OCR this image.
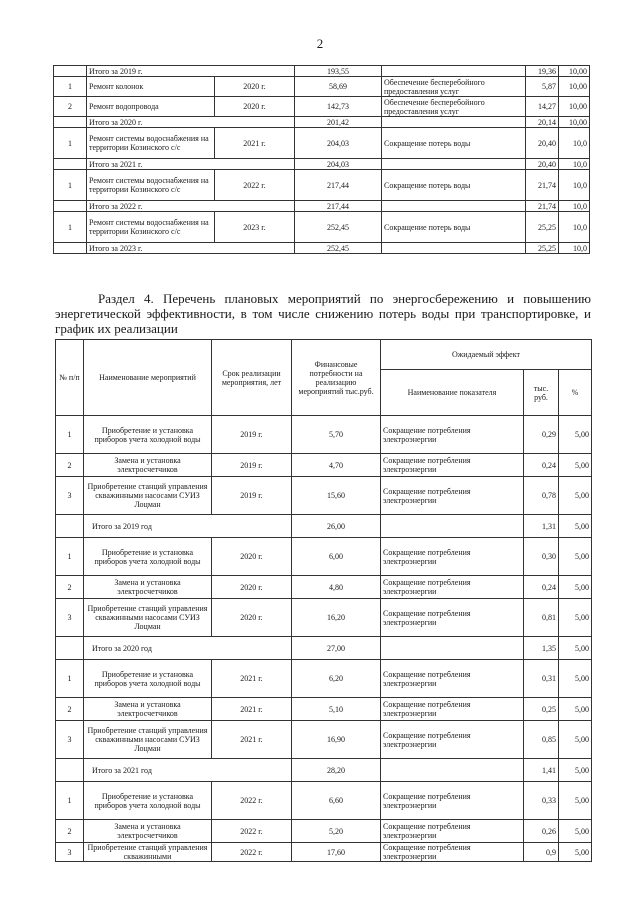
2
	Итого за 2019 г.		193,55		19,36	10,00
1	Ремонт колонок	2020 г.	58,69	Обеспечение бесперебойного предоставления услуг	5,87	10,00
2	Ремонт водопровода	2020 г.	142,73	Обеспечение бесперебойного предоставления услуг	14,27	10,00
	Итого за 2020 г.		201,42		20,14	10,00
1	Ремонт системы водоснабжения на территории Козинского с/с	2021 г.	204,03	Сокращение потерь воды	20,40	10,0
	Итого за 2021 г.		204,03		20,40	10,0
1	Ремонт системы водоснабжения на территории Козинского с/с	2022 г.	217,44	Сокращение потерь воды	21,74	10,0
	Итого за 2022 г.		217,44		21,74	10,0
1	Ремонт системы водоснабжения на территории Козинского с/с	2023 г.	252,45	Сокращение потерь воды	25,25	10,0
	Итого за 2023 г.		252,45		25,25	10,0
Раздел 4. Перечень плановых мероприятий по энергосбережению и повышению энергетической эффективности, в том числе снижению потерь воды при транспортировке, и график их реализации
№ п/п	Наименование мероприятий	Срок реализации мероприятия, лет	Финансовые потребности на реализацию мероприятий тыс.руб.	Ожидаемый эффект		
				Наименование показателя	тыс. руб.	%
1	Приобретение и установка приборов учета холодной воды	2019 г.	5,70	Сокращение потребления электроэнергии	0,29	5,00
2	Замена и установка электросчетчиков	2019 г.	4,70	Сокращение потребления электроэнергии	0,24	5,00
3	Приобретение станций управления скважинными насосами СУИЗ Лоцман	2019 г.	15,60	Сокращение потребления электроэнергии	0,78	5,00
	Итого за 2019 год		26,00		1,31	5,00
1	Приобретение и установка приборов учета холодной воды	2020 г.	6,00	Сокращение потребления электроэнергии	0,30	5,00
2	Замена и установка электросчетчиков	2020 г.	4,80	Сокращение потребления электроэнергии	0,24	5,00
3	Приобретение станций управления скважинными насосами СУИЗ Лоцман	2020 г.	16,20	Сокращение потребления электроэнергии	0,81	5,00
	Итого за 2020 год		27,00		1,35	5,00
1	Приобретение и установка приборов учета холодной воды	2021 г.	6,20	Сокращение потребления электроэнергии	0,31	5,00
2	Замена и установка электросчетчиков	2021 г.	5,10	Сокращение потребления электроэнергии	0,25	5,00
3	Приобретение станций управления скважинными насосами СУИЗ Лоцман	2021 г.	16,90	Сокращение потребления электроэнергии	0,85	5,00
	Итого за 2021 год		28,20		1,41	5,00
1	Приобретение и установка приборов учета холодной воды	2022 г.	6,60	Сокращение потребления электроэнергии	0,33	5,00
2	Замена и установка электросчетчиков	2022 г.	5,20	Сокращение потребления электроэнергии	0,26	5,00
3	Приобретение станций управления скважинными	2022 г.	17,60	Сокращение потребления электроэнергии	0,9	5,00
